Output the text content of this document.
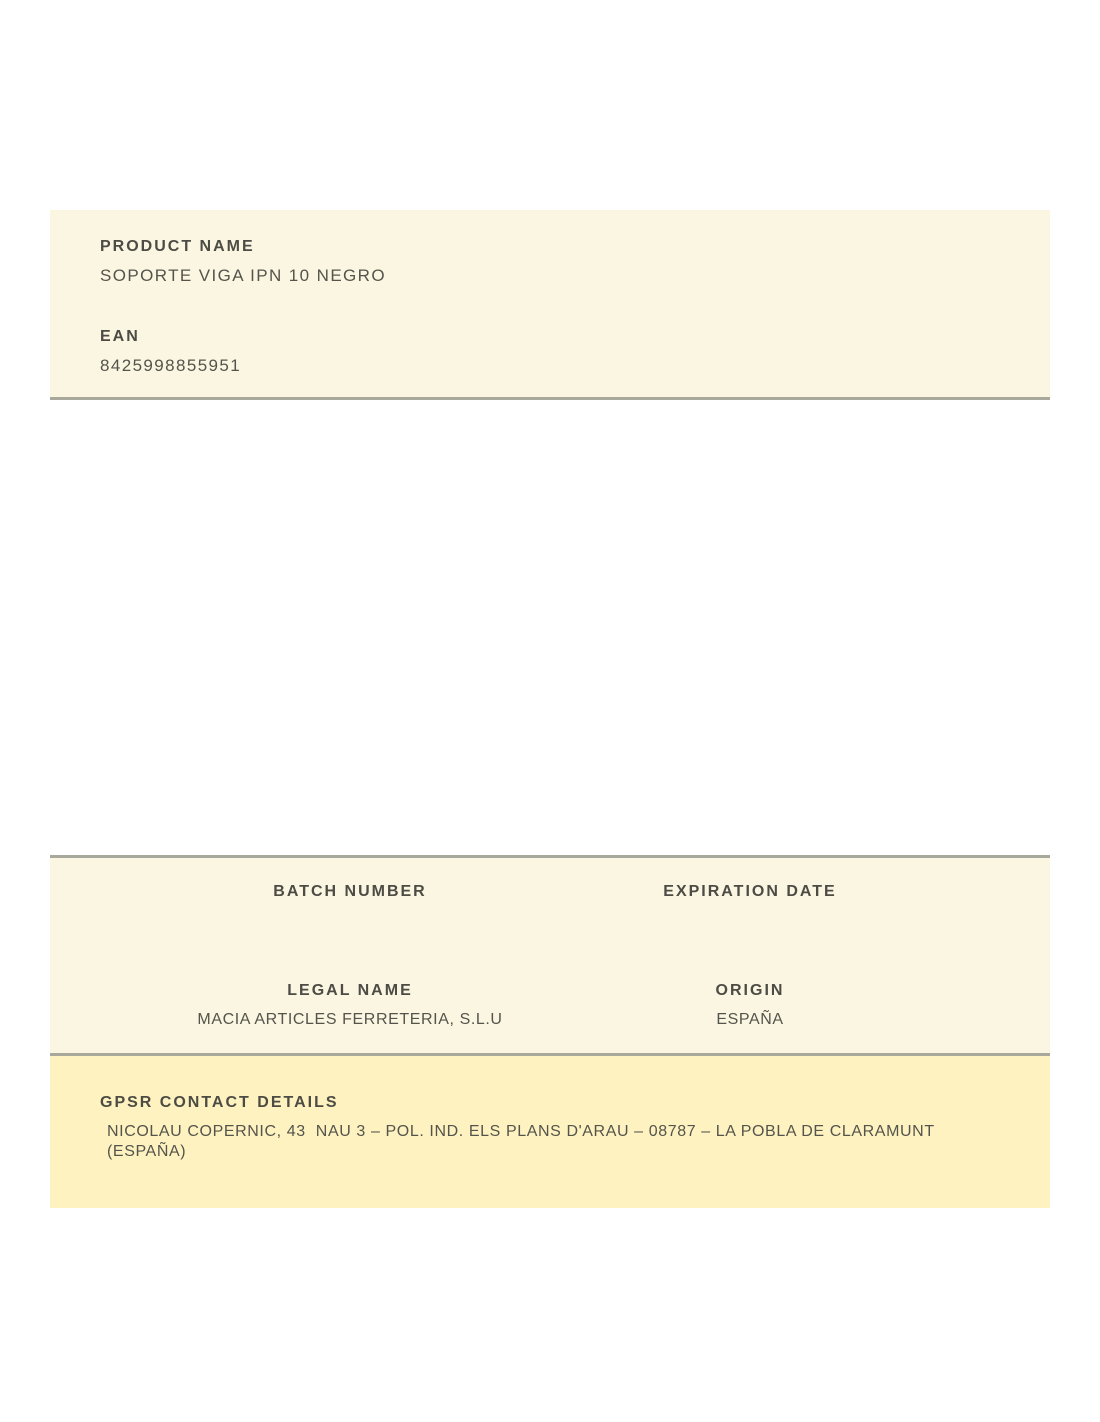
PRODUCT NAME
SOPORTE VIGA IPN 10 NEGRO
EAN
8425998855951
BATCH NUMBER	EXPIRATION DATE
LEGAL NAME
MACIA ARTICLES FERRETERIA, S.L.U
ORIGIN
ESPAÑA
GPSR CONTACT DETAILS
NICOLAU COPERNIC, 43  NAU 3 – POL. IND. ELS PLANS D'ARAU – 08787 – LA POBLA DE CLARAMUNT (ESPAÑA)
